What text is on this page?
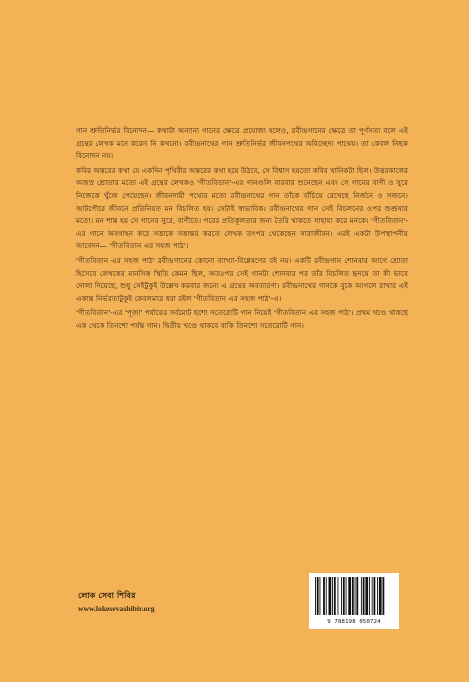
গান শ্রুতিনির্ভর বিনোদন— কথাটা অন্যান্য গানের ক্ষেত্রে প্রযোজ্য হলেও, রবীন্দ্রগানের ক্ষেত্রে তা পূর্ণসত্য বলে এই গ্রন্থের লেখক মনে করেন নি কখনো। রবীন্দ্রনাথের গান শ্রুতিনির্ভর জীবনপথের অবিচ্ছেদ্য পাথেয়। তা কেবল নিছক বিনোদন নয়।

কবির অন্তরের কথা যে একদিন পৃথিবীর অন্তরের কথা হয়ে উঠবে, সে বিশ্বাস হয়তো কবির খানিকটা ছিল। উত্তরকালের অজস্র শ্রোতার মতো এই গ্রন্থের লেখকও 'গীতবিতান'-এর গানগুলি বারবার শুনেছেন এবং সে গানের বাণী ও সুরে নিজেকে খুঁজে পেয়েছেন। জীবনদায়ী পথ্যের মতো রবীন্দ্রনাথের গান তাঁকে বাঁচিয়ে রেখেছে নির্জনে ও সজনে। আটপৌরে জীবনে প্রতিনিয়ত মন বিচলিত হয়। সেটাই স্বাভাবিক। রবীন্দ্রনাথের গান সেই বিচলনের ওপর শুশ্রূষার মতো। মন শান্ত হয় সে গানের সুরে, বাণীতে। পরের প্রতিকূলতার জন্য তৈরি থাকতে সাহায্য করে মনকে। 'গীতবিতান'-এর গানে অবগাহন করে সত্তাকে সত্তান্তর করতে লেখক তৎপর থেকেছেন সারাজীবন। এরই একটা উপস্থাপনীয় আবেদন— 'গীতবিতান এর সহজ পাঠ'।

'গীতবিতান এর সহজ পাঠ' রবীন্দ্রগানের কোনো ব্যাখ্যা-বিশ্লেষণের বই নয়। একটি রবীন্দ্রগান শোনবার আগে শ্রোতা হিসেবে লেখকের মানসিক স্থিতি কেমন ছিল, অতঃপর সেই গানটা শোনবার পর তাঁর বিচলিত হৃদয়ে তা কী ভাবে দোলা দিয়েছে, শুধু সেইটুকুই উল্লেখ করবার জন্যে এ গ্রন্থের অবতারণা। রবীন্দ্রনাথের গানকে বুকে আগলে রাখার এই একান্ত নির্ভরতাটুকুই কেবলমাত্র ধরা রইল 'গীতবিতান এর সহজ পাঠ'-এ।

'গীতবিতান'-এর 'পূজা' পর্যায়ের সর্বমোট ছশো সতেরোটি গান নিয়েই 'গীতবিতান এর সহজ পাঠ'। প্রথম খণ্ডে থাকছে এক থেকে তিনশো পর্যন্ত গান। দ্বিতীয় খণ্ডে থাকবে বাকি তিনশো সতেরোটি গান।

লোক সেবা শিবির
www.lokesevashibir.org
9 788198 050724
